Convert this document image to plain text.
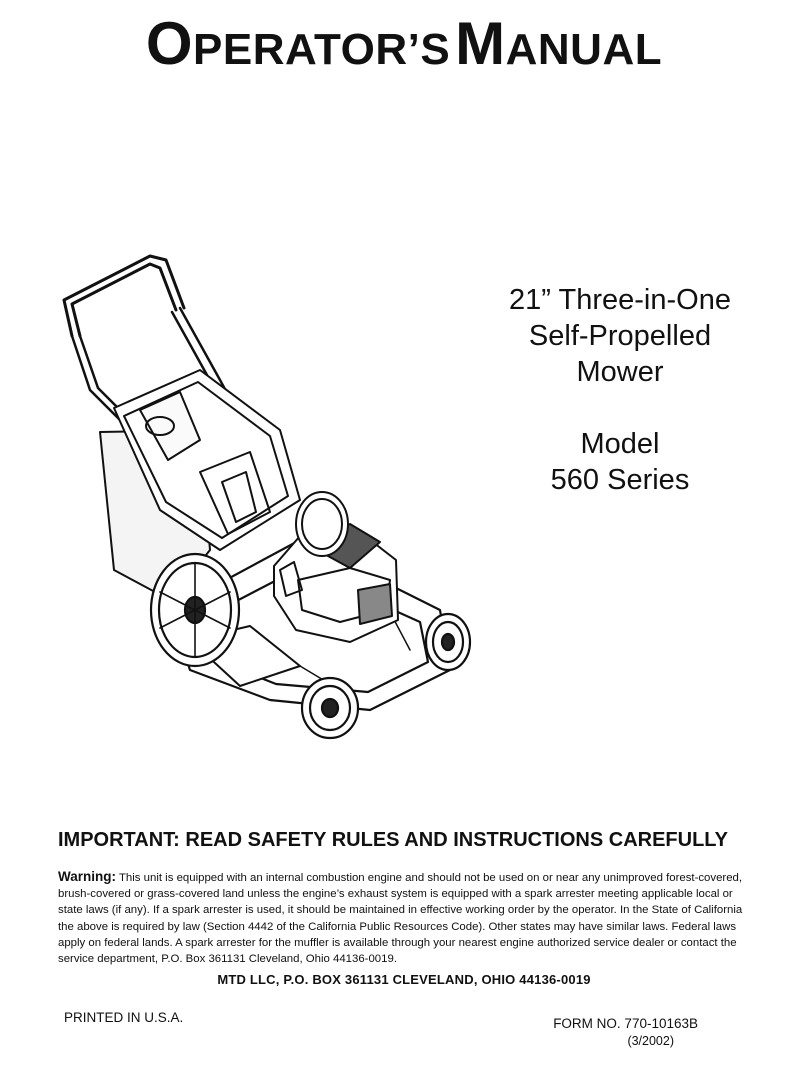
OPERATOR’S MANUAL
21” Three-in-One
Self-Propelled
Mower
Model
560 Series
IMPORTANT: READ SAFETY RULES AND INSTRUCTIONS CAREFULLY
Warning: This unit is equipped with an internal combustion engine and should not be used on or near any unimproved forest-covered, brush-covered or grass-covered land unless the engine’s exhaust system is equipped with a spark arrester meeting applicable local or state laws (if any). If a spark arrester is used, it should be maintained in effective working order by the operator. In the State of California the above is required by law (Section 4442 of the California Public Resources Code). Other states may have similar laws. Federal laws apply on federal lands. A spark arrester for the muffler is available through your nearest engine authorized service dealer or contact the service department, P.O. Box 361131 Cleveland, Ohio 44136-0019.
MTD LLC, P.O. BOX 361131 CLEVELAND, OHIO 44136-0019
PRINTED IN U.S.A.	FORM NO. 770-10163B
(3/2002)
